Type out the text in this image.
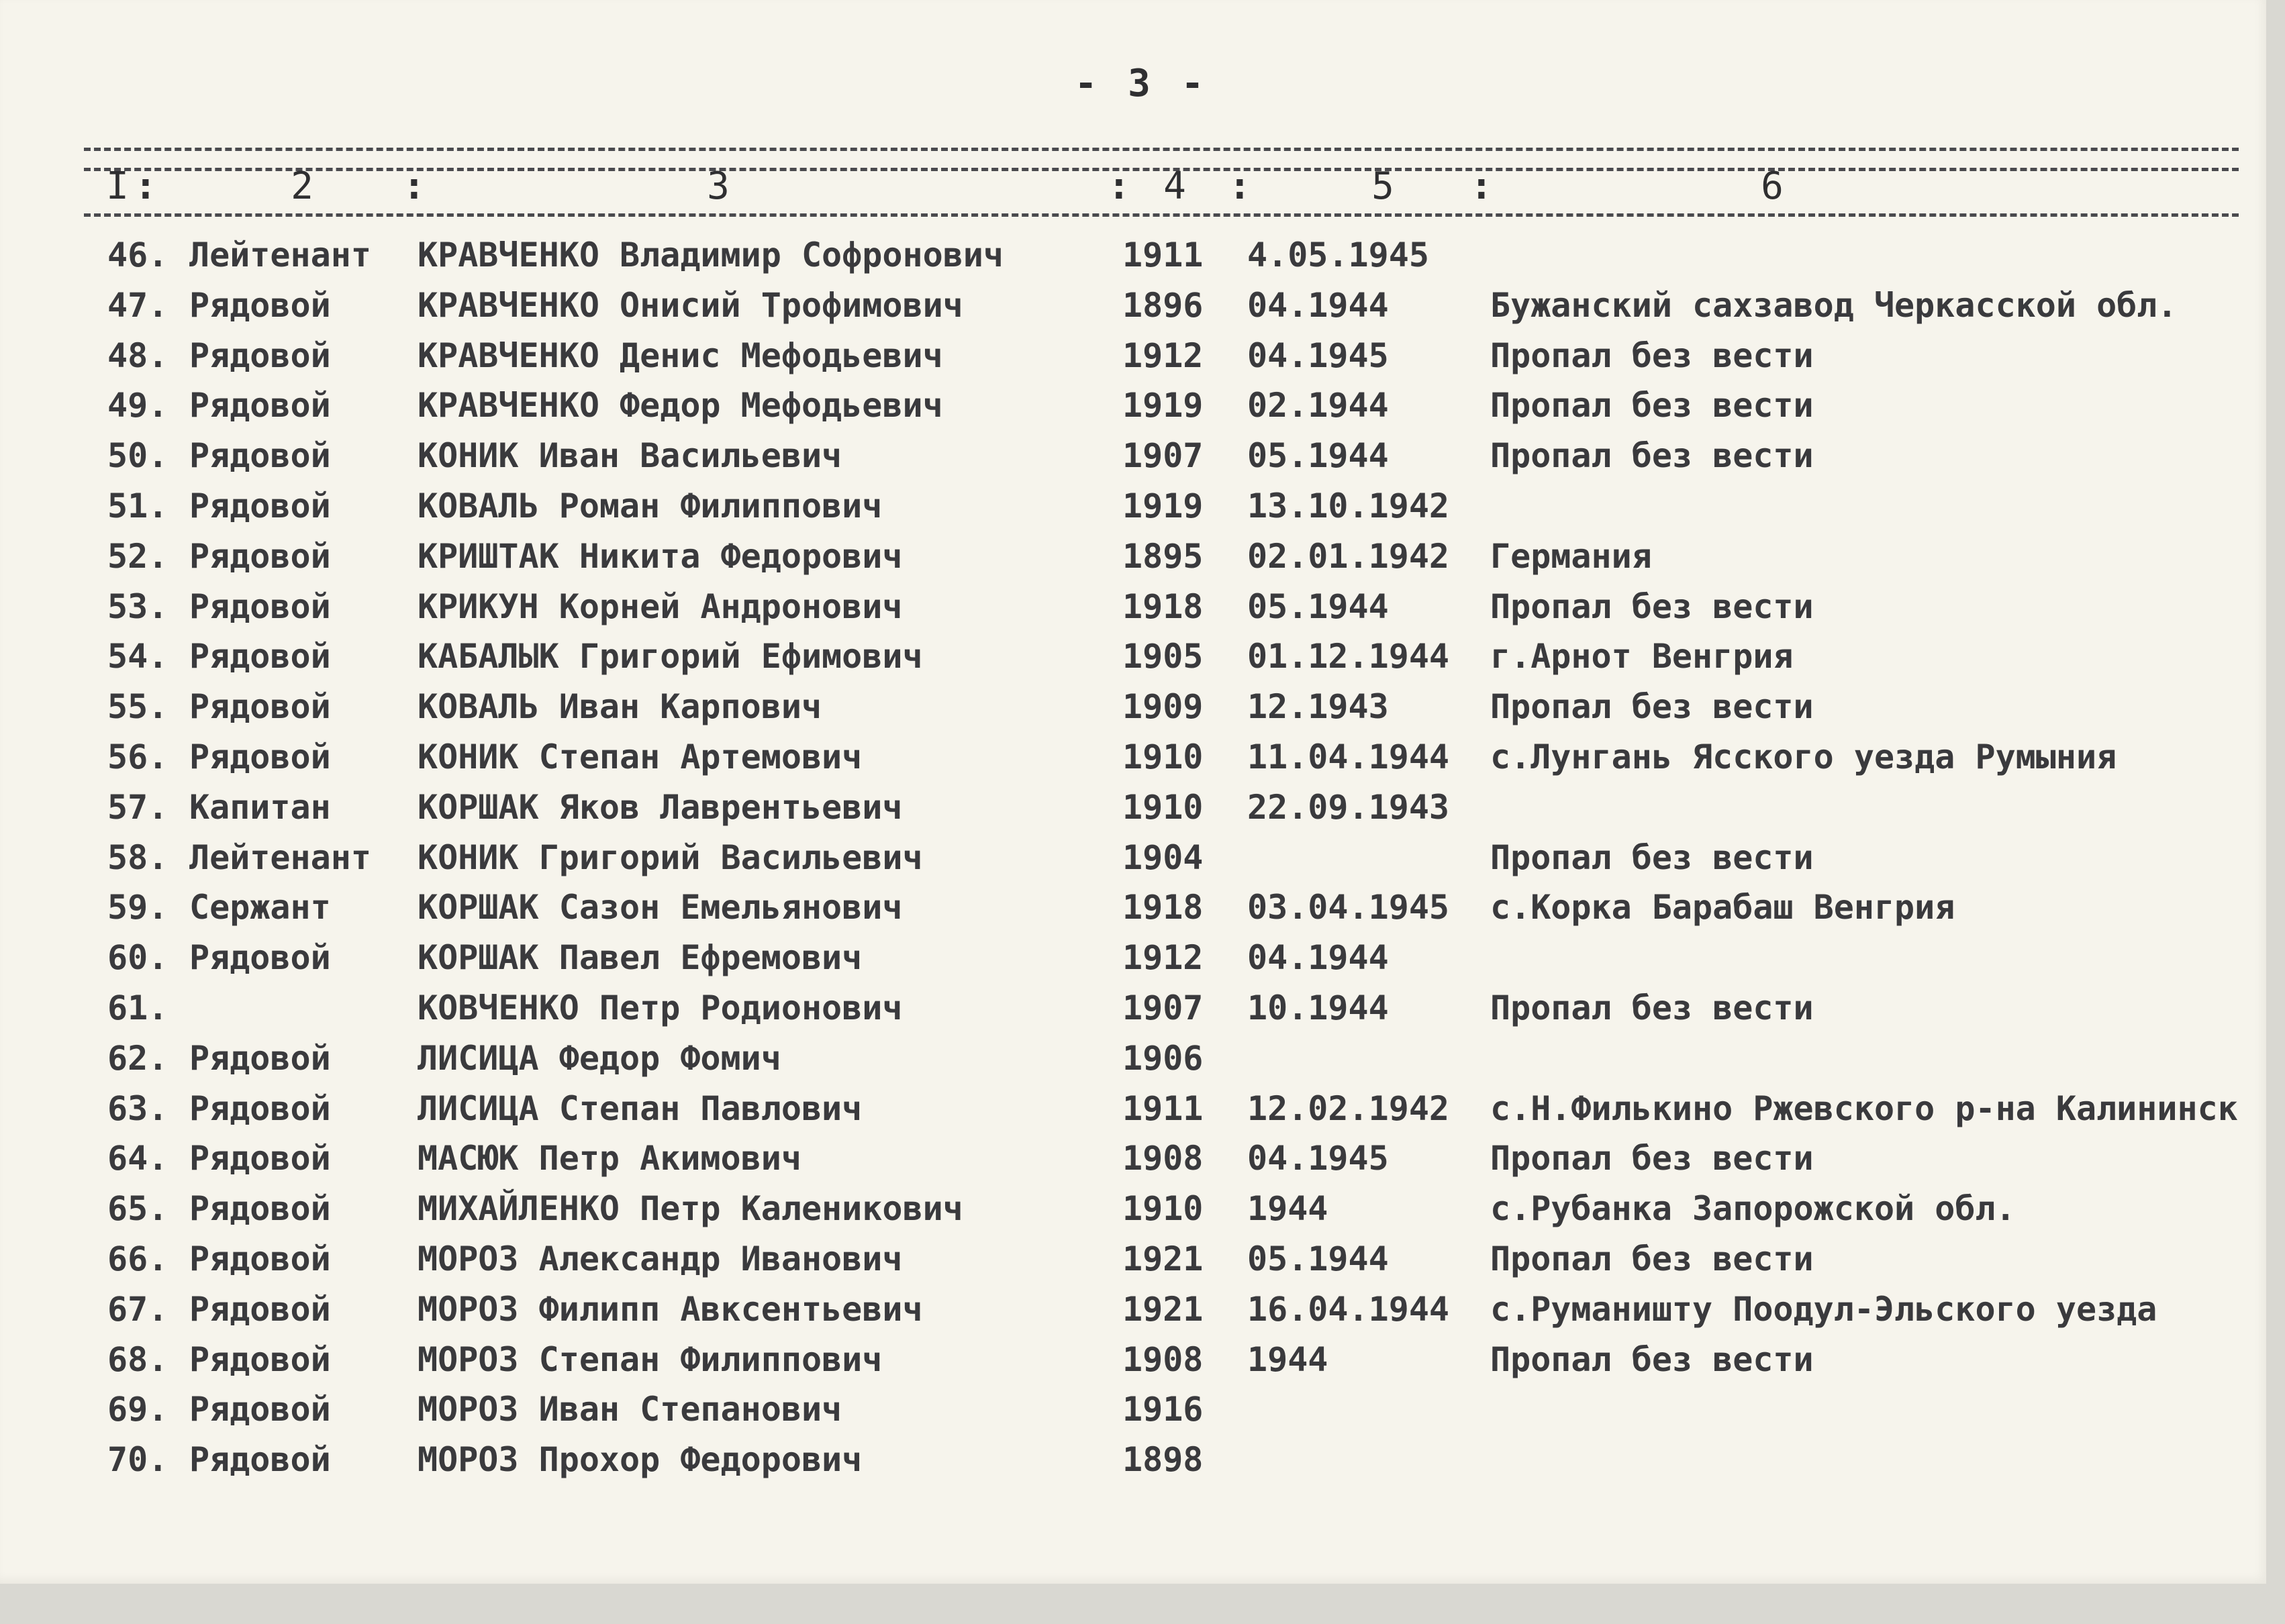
- 3 -
I :	2 :	3	: 4 :	5 :	6
46. Лейтенант КРАВЧЕНКО Владимир Софронович	1911 4.05.1945
47. Рядовой	КРАВЧЕНКО Онисий Трофимович	1896 04.1944	Бужанский сахзавод Черкасской обл.
48. Рядовой	КРАВЧЕНКО Денис Мефодьевич	1912 04.1945	Пропал без вести
49. Рядовой	КРАВЧЕНКО Федор Мефодьевич	1919 02.1944	Пропал без вести
50. Рядовой	КОНИК Иван Васильевич	1907 05.1944	Пропал без вести
51. Рядовой	КОВАЛЬ Роман Филиппович	1919 13.10.1942
52. Рядовой	КРИШТАК Никита Федорович	1895 02.01.1942 Германия
53. Рядовой	КРИКУН Корней Андронович	1918 05.1944	Пропал без вести
54. Рядовой	КАБАЛЫК Григорий Ефимович	1905 01.12.1944 г.Арнот Венгрия
55. Рядовой	КОВАЛЬ Иван Карпович	1909 12.1943	Пропал без вести
56. Рядовой	КОНИК Степан Артемович	1910 11.04.1944 с.Лунгань Ясского уезда Румыния
57. Капитан	КОРШАК Яков Лаврентьевич	1910 22.09.1943
58. Лейтенант КОНИК Григорий Васильевич	1904	Пропал без вести
59. Сержант	КОРШАК Сазон Емельянович	1918 03.04.1945 с.Корка Барабаш Венгрия
60. Рядовой	КОРШАК Павел Ефремович	1912 04.1944
61.	КОВЧЕНКО Петр Родионович	1907 10.1944	Пропал без вести
62. Рядовой	ЛИСИЦА Федор Фомич	1906
63. Рядовой	ЛИСИЦА Степан Павлович	1911 12.02.1942 с.Н.Филькино Ржевского р-на Калининск
64. Рядовой	МАСЮК Петр Акимович	1908 04.1945	Пропал без вести
65. Рядовой	МИХАЙЛЕНКО Петр Каленикович	1910 1944	с.Рубанка Запорожской обл.
66. Рядовой	МОРОЗ Александр Иванович	1921 05.1944	Пропал без вести
67. Рядовой	МОРОЗ Филипп Авксентьевич	1921 16.04.1944 с.Руманишту Поодул-Эльского уезда
68. Рядовой	МОРОЗ Степан Филиппович	1908 1944	Пропал без вести
69. Рядовой	МОРОЗ Иван Степанович	1916
70. Рядовой	МОРОЗ Прохор Федорович	1898
